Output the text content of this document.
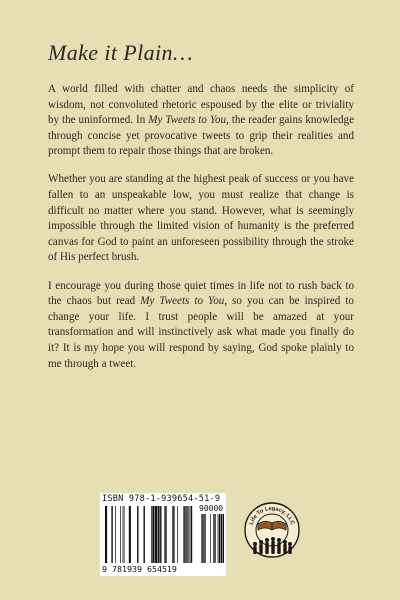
Make it Plain…

A world filled with chatter and chaos needs the simplicity of wisdom, not convoluted rhetoric espoused by the elite or triviality by the uninformed. In My Tweets to You, the reader gains knowledge through concise yet provocative tweets to grip their realities and prompt them to repair those things that are broken.

Whether you are standing at the highest peak of success or you have fallen to an unspeakable low, you must realize that change is difficult no matter where you stand. However, what is seemingly impossible through the limited vision of humanity is the preferred canvas for God to paint an unforeseen possibility through the stroke of His perfect brush.

I encourage you during those quiet times in life not to rush back to the chaos but read My Tweets to You, so you can be inspired to change your life. I trust people will be amazed at your transformation and will instinctively ask what made you finally do it? It is my hope you will respond by saying, God spoke plainly to me through a tweet.

ISBN 978-1-939654-51-9
90000
9 781939 654519
Life To Legacy, LLC
